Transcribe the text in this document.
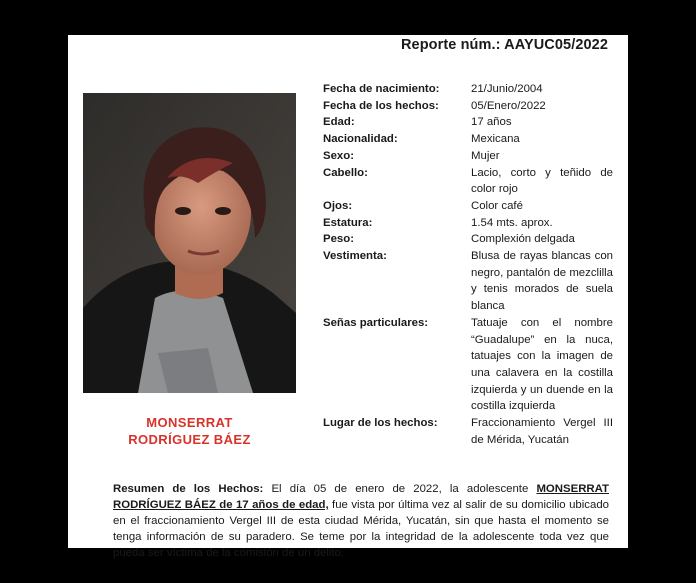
Reporte núm.: AAYUC05/2022
MONSERRAT
RODRÍGUEZ BÁEZ
Fecha de nacimiento:	21/Junio/2004
Fecha de los hechos:	05/Enero/2022
Edad:	17 años
Nacionalidad:	Mexicana
Sexo:	Mujer
Cabello:	Lacio, corto y teñido de color rojo
Ojos:	Color café
Estatura:	1.54 mts. aprox.
Peso:	Complexión delgada
Vestimenta:	Blusa de rayas blancas con negro, pantalón de mezclilla y tenis morados de suela blanca
Señas particulares:	Tatuaje con el nombre “Guadalupe” en la nuca, tatuajes con la imagen de una calavera en la costilla izquierda y un duende en la costilla izquierda
Lugar de los hechos:	Fraccionamiento Vergel III de Mérida, Yucatán
Resumen de los Hechos: El día 05 de enero de 2022, la adolescente MONSERRAT RODRÍGUEZ BÁEZ de 17 años de edad, fue vista por última vez al salir de su domicilio ubicado en el fraccionamiento Vergel III de esta ciudad Mérida, Yucatán, sin que hasta el momento se tenga información de su paradero. Se teme por la integridad de la adolescente toda vez que pueda ser víctima de la comisión de un delito.
